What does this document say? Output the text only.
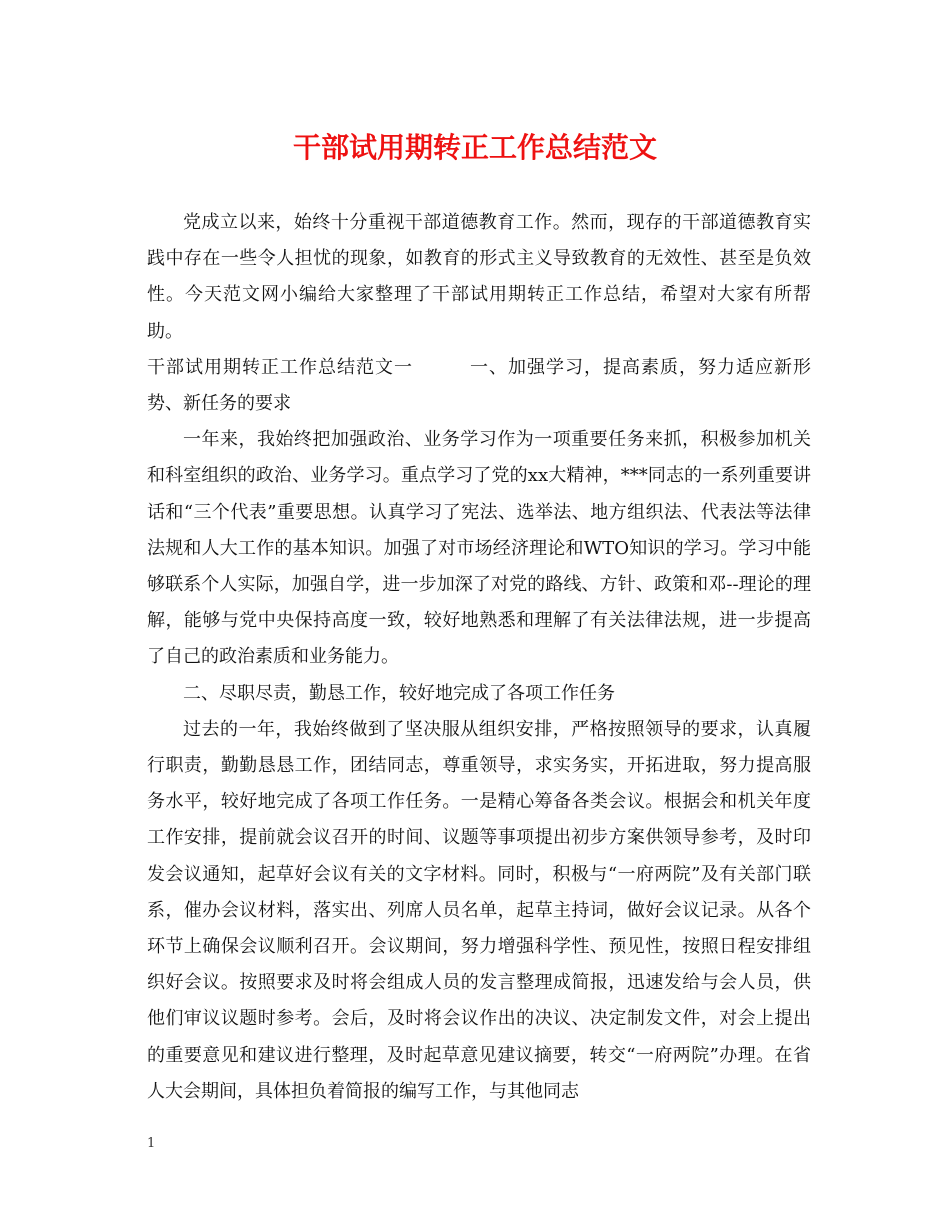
干部试用期转正工作总结范文

党成立以来，始终十分重视干部道德教育工作。然而，现存的干部道德教育实践中存在一些令人担忧的现象，如教育的形式主义导致教育的无效性、甚至是负效性。今天范文网小编给大家整理了干部试用期转正工作总结，希望对大家有所帮助。

干部试用期转正工作总结范文一　　　一、加强学习，提高素质，努力适应新形势、新任务的要求

一年来，我始终把加强政治、业务学习作为一项重要任务来抓，积极参加机关和科室组织的政治、业务学习。重点学习了党的xx大精神，***同志的一系列重要讲话和“三个代表”重要思想。认真学习了宪法、选举法、地方组织法、代表法等法律法规和人大工作的基本知识。加强了对市场经济理论和WTO知识的学习。学习中能够联系个人实际，加强自学，进一步加深了对党的路线、方针、政策和邓--理论的理解，能够与党中央保持高度一致，较好地熟悉和理解了有关法律法规，进一步提高了自己的政治素质和业务能力。

二、尽职尽责，勤恳工作，较好地完成了各项工作任务

过去的一年，我始终做到了坚决服从组织安排，严格按照领导的要求，认真履行职责，勤勤恳恳工作，团结同志，尊重领导，求实务实，开拓进取，努力提高服务水平，较好地完成了各项工作任务。一是精心筹备各类会议。根据会和机关年度工作安排，提前就会议召开的时间、议题等事项提出初步方案供领导参考，及时印发会议通知，起草好会议有关的文字材料。同时，积极与“一府两院”及有关部门联系，催办会议材料，落实出、列席人员名单，起草主持词，做好会议记录。从各个环节上确保会议顺利召开。会议期间，努力增强科学性、预见性，按照日程安排组织好会议。按照要求及时将会组成人员的发言整理成简报，迅速发给与会人员，供他们审议议题时参考。会后，及时将会议作出的决议、决定制发文件，对会上提出的重要意见和建议进行整理，及时起草意见建议摘要，转交“一府两院”办理。在省人大会期间，具体担负着简报的编写工作，与其他同志

1
